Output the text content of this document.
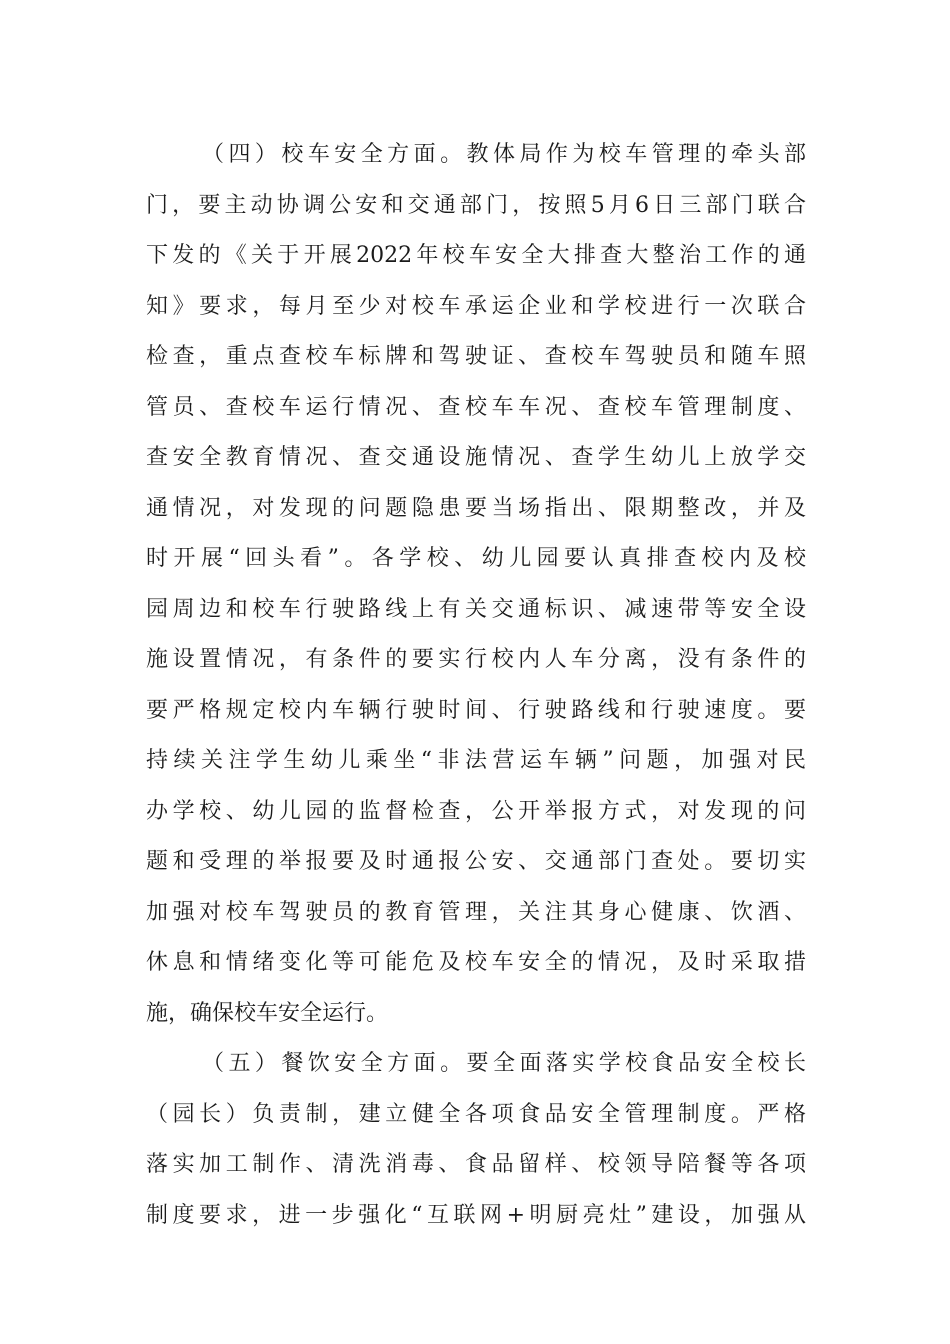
（四）校车安全方面。教体局作为校车管理的牵头部
门，要主动协调公安和交通部门，按照5月6日三部门联合
下发的《关于开展2022年校车安全大排查大整治工作的通
知》要求，每月至少对校车承运企业和学校进行一次联合
检查，重点查校车标牌和驾驶证、查校车驾驶员和随车照
管员、查校车运行情况、查校车车况、查校车管理制度、
查安全教育情况、查交通设施情况、查学生幼儿上放学交
通情况，对发现的问题隐患要当场指出、限期整改，并及
时开展“回头看”。各学校、幼儿园要认真排查校内及校
园周边和校车行驶路线上有关交通标识、减速带等安全设
施设置情况，有条件的要实行校内人车分离，没有条件的
要严格规定校内车辆行驶时间、行驶路线和行驶速度。要
持续关注学生幼儿乘坐“非法营运车辆”问题，加强对民
办学校、幼儿园的监督检查，公开举报方式，对发现的问
题和受理的举报要及时通报公安、交通部门查处。要切实
加强对校车驾驶员的教育管理，关注其身心健康、饮酒、
休息和情绪变化等可能危及校车安全的情况，及时采取措
施，确保校车安全运行。
（五）餐饮安全方面。要全面落实学校食品安全校长
（园长）负责制，建立健全各项食品安全管理制度。严格
落实加工制作、清洗消毒、食品留样、校领导陪餐等各项
制度要求，进一步强化“互联网+明厨亮灶”建设，加强从
